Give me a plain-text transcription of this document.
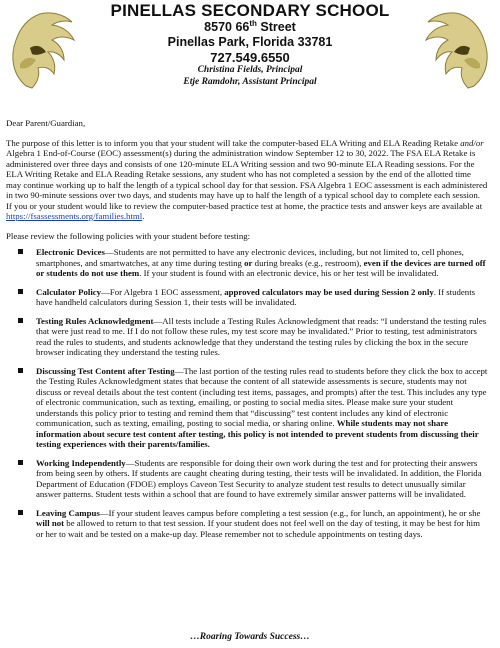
PINELLAS SECONDARY SCHOOL
8570 66th Street
Pinellas Park, Florida 33781
727.549.6550
Christina Fields, Principal
Etje Ramdohr, Assistant Principal

Dear Parent/Guardian,

The purpose of this letter is to inform you that your student will take the computer-based ELA Writing and ELA Reading Retake and/or Algebra 1 End-of-Course (EOC) assessment(s) during the administration window September 12 to 30, 2022. The FSA ELA Retake is administered over three days and consists of one 120-minute ELA Writing session and two 90-minute ELA Reading sessions. For the ELA Writing Retake and ELA Reading Retake sessions, any student who has not completed a session by the end of the allotted time may continue working up to half the length of a typical school day for that session. FSA Algebra 1 EOC assessment is each administered in two 90-minute sessions over two days, and students may have up to half the length of a typical school day to complete each session.

If you or your student would like to review the computer-based practice test at home, the practice tests and answer keys are available at https://fsassessments.org/families.html.

Please review the following policies with your student before testing:

Electronic Devices—Students are not permitted to have any electronic devices, including, but not limited to, cell phones, smartphones, and smartwatches, at any time during testing or during breaks (e.g., restroom), even if the devices are turned off or students do not use them. If your student is found with an electronic device, his or her test will be invalidated.
Calculator Policy—For Algebra 1 EOC assessment, approved calculators may be used during Session 2 only. If students have handheld calculators during Session 1, their tests will be invalidated.
Testing Rules Acknowledgment—All tests include a Testing Rules Acknowledgment that reads: “I understand the testing rules that were just read to me. If I do not follow these rules, my test score may be invalidated.” Prior to testing, test administrators read the rules to students, and students acknowledge that they understand the testing rules by clicking the box in the secure browser indicating they understand the testing rules.
Discussing Test Content after Testing—The last portion of the testing rules read to students before they click the box to accept the Testing Rules Acknowledgment states that because the content of all statewide assessments is secure, students may not discuss or reveal details about the test content (including test items, passages, and prompts) after the test. This includes any type of electronic communication, such as texting, emailing, or posting to social media sites. Please make sure your student understands this policy prior to testing and remind them that “discussing” test content includes any kind of electronic communication, such as texting, emailing, posting to social media, or sharing online. While students may not share information about secure test content after testing, this policy is not intended to prevent students from discussing their testing experiences with their parents/families.
Working Independently—Students are responsible for doing their own work during the test and for protecting their answers from being seen by others. If students are caught cheating during testing, their tests will be invalidated. In addition, the Florida Department of Education (FDOE) employs Caveon Test Security to analyze student test results to detect unusually similar answer patterns. Student tests within a school that are found to have extremely similar answer patterns will be invalidated.
Leaving Campus—If your student leaves campus before completing a test session (e.g., for lunch, an appointment), he or she will not be allowed to return to that test session. If your student does not feel well on the day of testing, it may be best for him or her to wait and be tested on a make-up day. Please remember not to schedule appointments on testing days.
…Roaring Towards Success…
